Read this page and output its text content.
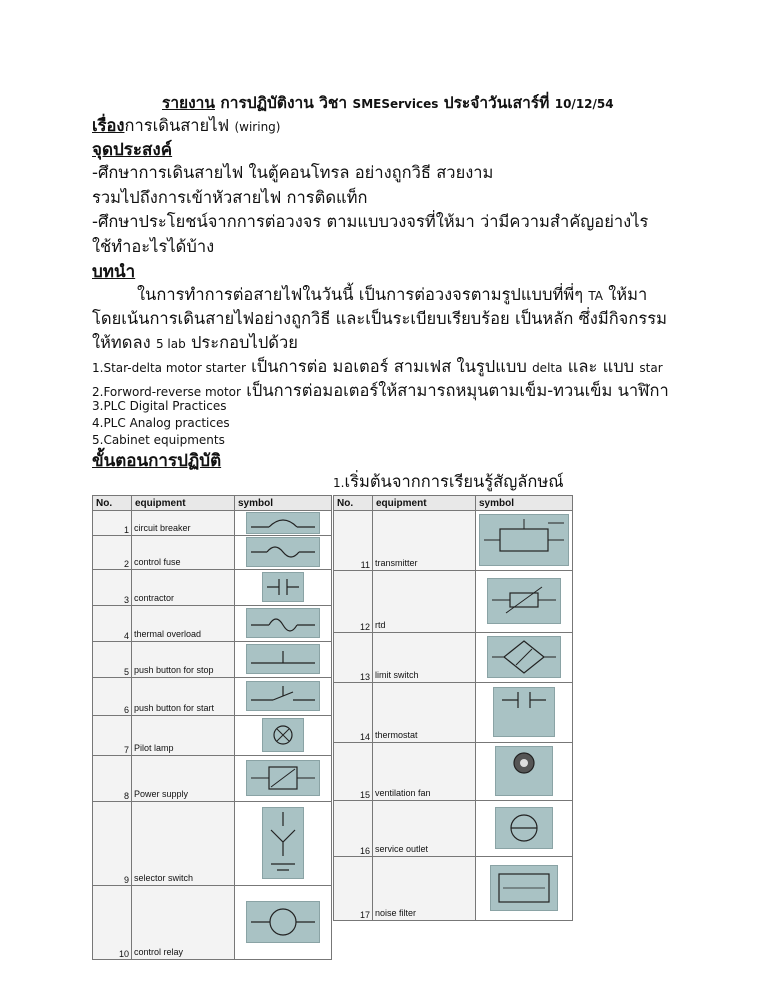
รายงาน การปฏิบัติงาน วิชา SMEServices ประจำวันเสาร์ที่ 10/12/54
เรื่องการเดินสายไฟ (wiring)
จุดประสงค์
-ศึกษาการเดินสายไฟ ในตู้คอนโทรล อย่างถูกวิธี สวยงาม
รวมไปถึงการเข้าหัวสายไฟ การติดแท็ก
-ศึกษาประโยชน์จากการต่อวงจร ตามแบบวงจรที่ให้มา ว่ามีความสำคัญอย่างไร
ใช้ทำอะไรได้บ้าง
บทนำ
ในการทำการต่อสายไฟในวันนี้ เป็นการต่อวงจรตามรูปแบบที่พี่ๆ TA ให้มา
โดยเน้นการเดินสายไฟอย่างถูกวิธี และเป็นระเบียบเรียบร้อย เป็นหลัก ซึ่งมีกิจกรรม
ให้ทดลง 5 lab ประกอบไปด้วย
1.Star-delta motor starter เป็นการต่อ มอเตอร์ สามเฟส ในรูปแบบ delta และ แบบ star
2.Forword-reverse motor เป็นการต่อมอเตอร์ให้สามารถหมุนตามเข็ม-ทวนเข็ม นาฬิกา
3.PLC Digital Practices
4.PLC Analog practices
5.Cabinet equipments
ขั้นตอนการปฏิบัติ
1.เริ่มต้นจากการเรียนรู้สัญลักษณ์
No.	equipment	symbol
1	circuit breaker	
2	control fuse	
3	contractor	
4	thermal overload	
5	push button for stop	
6	push button for start	
7	Pilot lamp	
8	Power supply	
9	selector switch	
10	control relay	
No.	equipment	symbol
11	transmitter	
12	rtd	
13	limit switch	
14	thermostat	
15	ventilation fan	
16	service outlet	
17	noise filter	
